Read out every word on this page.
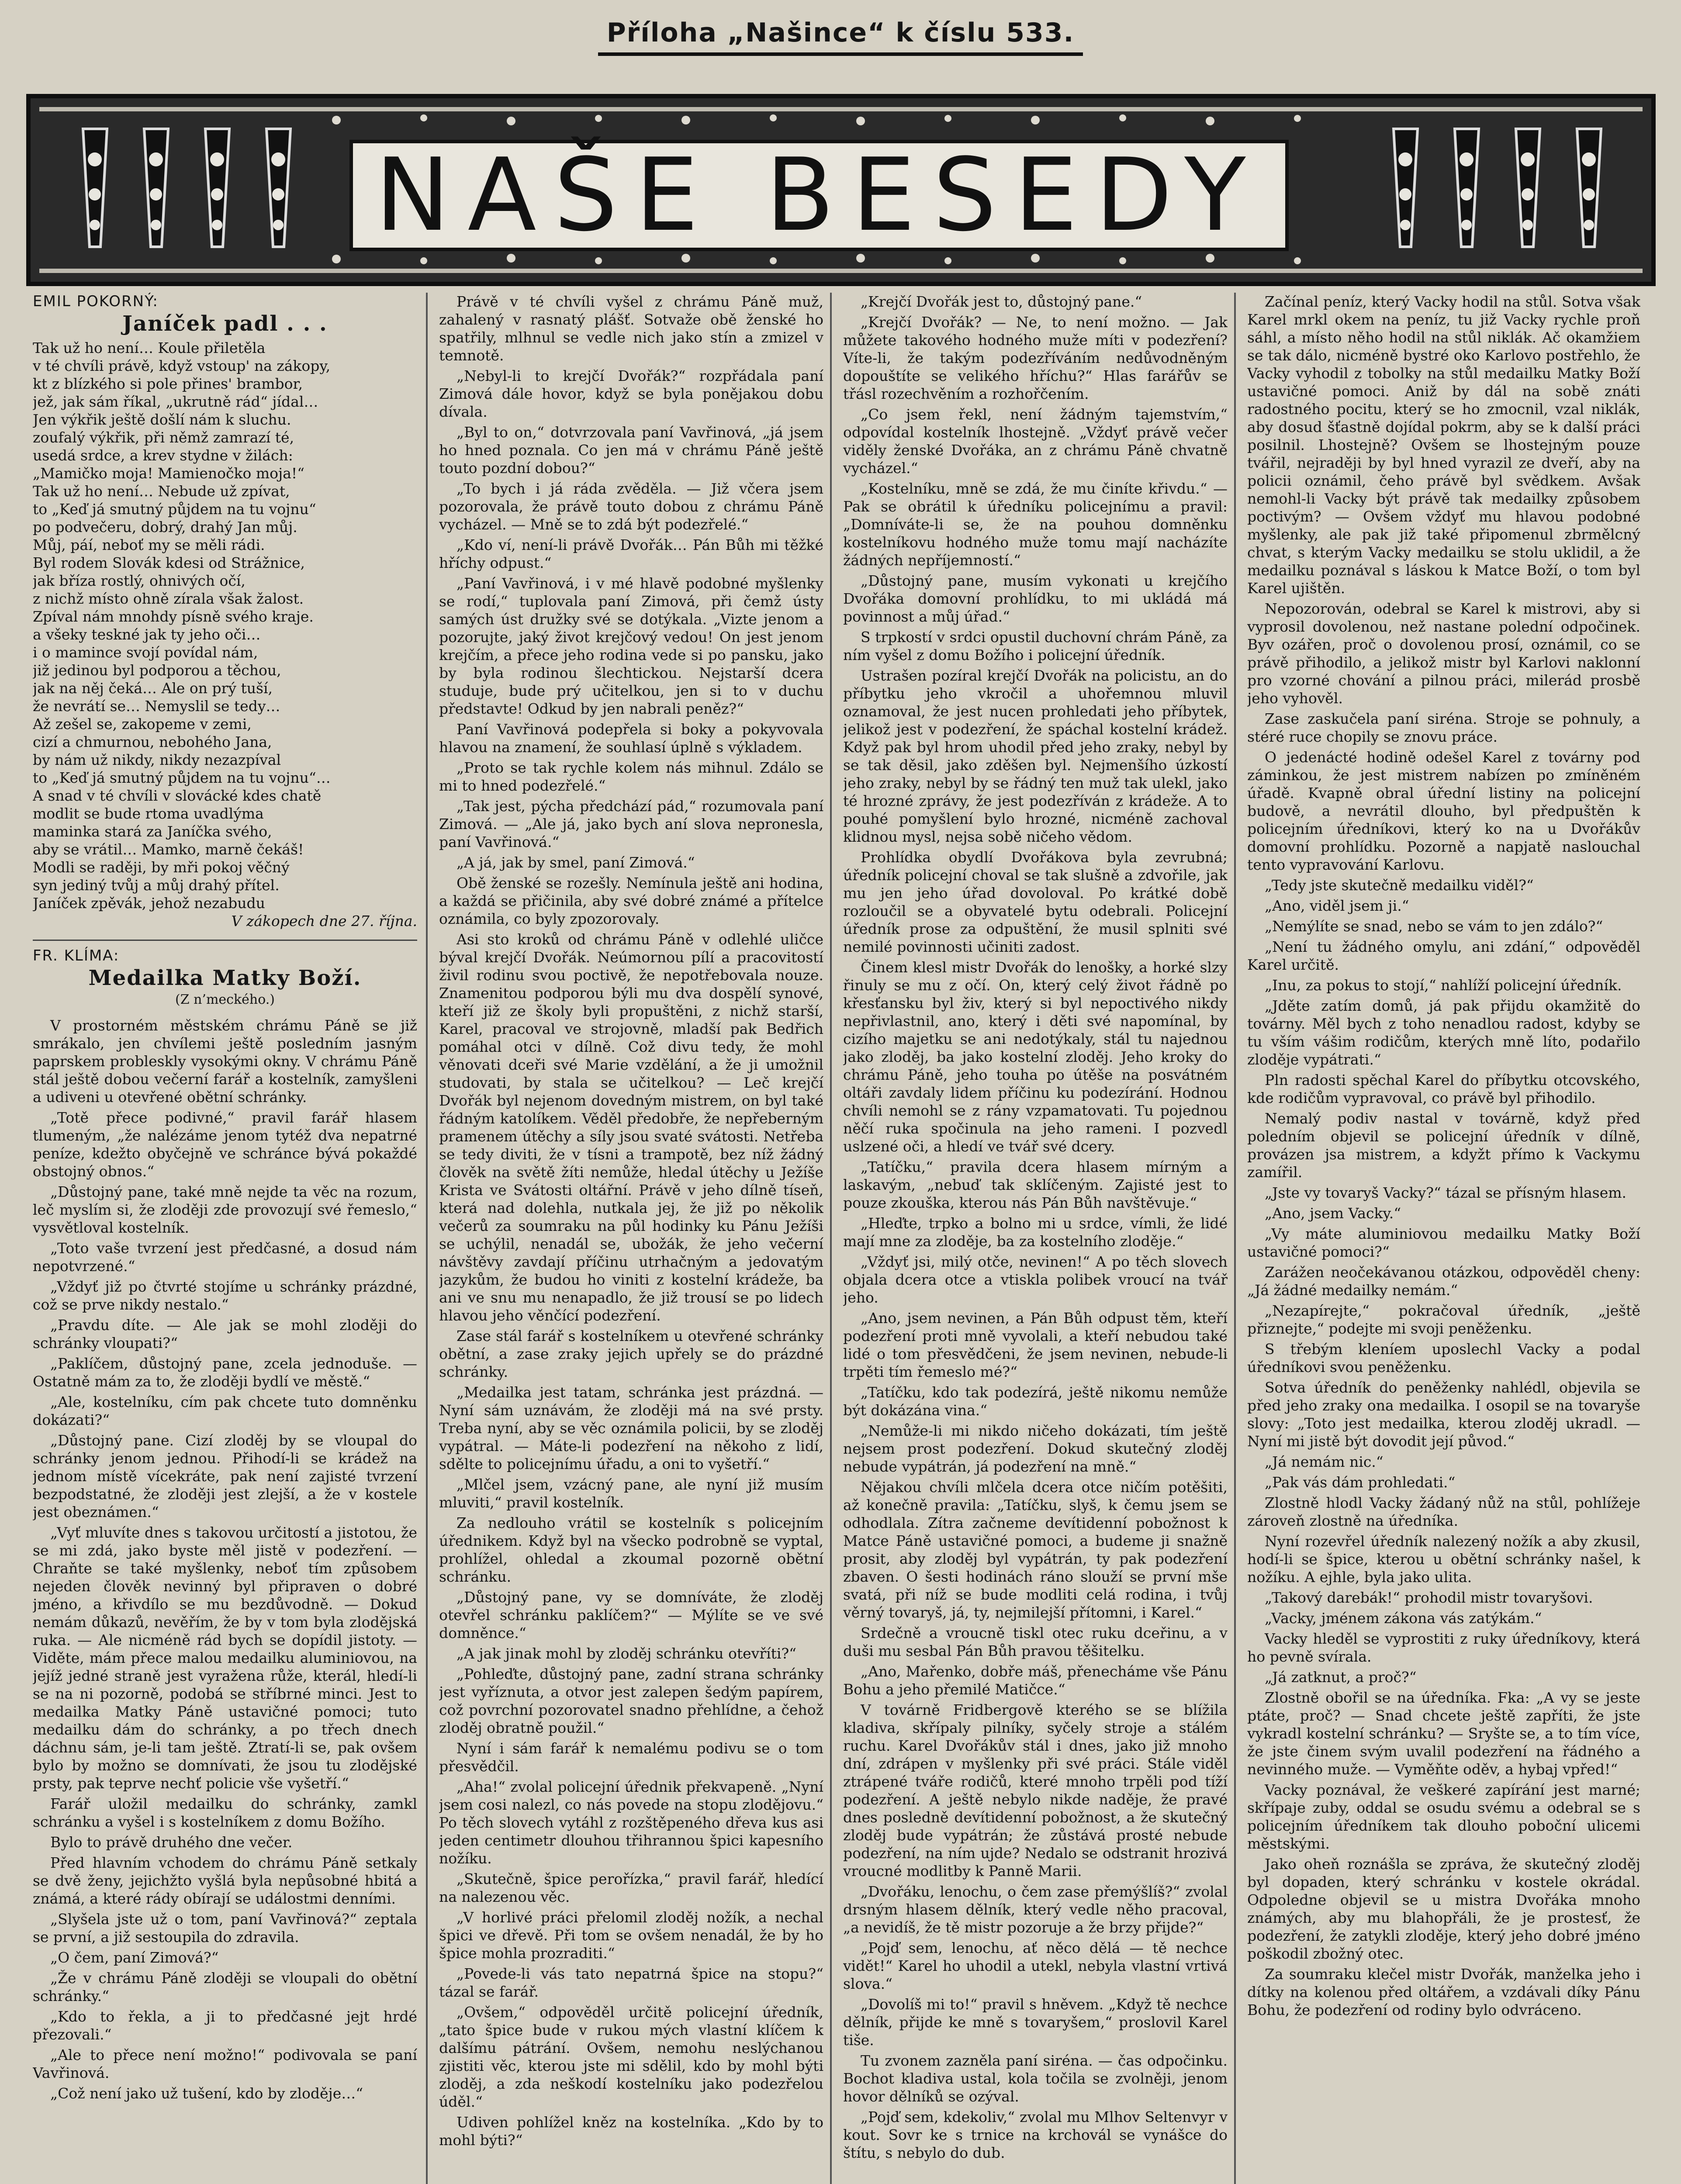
Příloha „Našince“ k číslu 533.
NAŠE BESEDY

EMIL POKORNÝ:

Janíček padl . . .
Tak už ho není… Koule přiletěla
v té chvíli právě, když vstoup' na zákopy,
kt z blízkého si pole přines' brambor,
jež, jak sám říkal, „ukrutně rád“ jídal…
Jen výkřik ještě došlí nám k sluchu.
zoufalý výkřik, při němž zamrazí té,
usedá srdce, a krev stydne v žilách:
„Mamičko moja! Mamienočko moja!“
Tak už ho není… Nebude už zpívat,
to „Keď já smutný půjdem na tu vojnu“
po podvečeru, dobrý, drahý Jan můj.
Můj, páí, neboť my se měli rádi.
Byl rodem Slovák kdesi od Strážnice,
jak bříza rostlý, ohnivých očí,
z nichž místo ohně zírala však žalost.
Zpíval nám mnohdy písně svého kraje.
a všeky teskné jak ty jeho oči…
i o mamince svojí povídal nám,
již jedinou byl podporou a těchou,
jak na něj čeká… Ale on prý tuší,
že nevrátí se… Nemyslil se tedy…
Až zešel se, zakopeme v zemi,
cizí a chmurnou, nebohého Jana,
by nám už nikdy, nikdy nezazpíval
to „Keď já smutný půjdem na tu vojnu“…
A snad v té chvíli v slovácké kdes chatě
modlit se bude rtoma uvadlýma
maminka stará za Janíčka svého,
aby se vrátil… Mamko, marně čekáš!
Modli se raději, by mři pokoj věčný
syn jediný tvůj a můj drahý přítel.
Janíček zpěvák, jehož nezabudu

V zákopech dne 27. října.

FR. KLÍMA:

Medailka Matky Boží.
(Z n’meckého.)

V prostorném městském chrámu Páně se již smrákalo, jen chvílemi ještě posledním jasným paprskem probleskly vysokými okny. V chrámu Páně stál ještě dobou večerní farář a kostelník, zamyšleni a udiveni u otevřené obětní schránky.

„Totě přece podivné,“ pravil farář hlasem tlumeným, „že nalézáme jenom tytéž dva nepatrné peníze, kdežto obyčejně ve schránce bývá pokaždé obstojný obnos.“

„Důstojný pane, také mně nejde ta věc na rozum, leč myslím si, že zloději zde provozují své řemeslo,“ vysvětloval kostelník.

„Toto vaše tvrzení jest předčasné, a dosud nám nepotvrzené.“

„Vždyť již po čtvrté stojíme u schránky prázdné, což se prve nikdy nestalo.“

„Pravdu díte. — Ale jak se mohl zloději do schránky vloupati?“

„Paklíčem, důstojný pane, zcela jednoduše. — Ostatně mám za to, že zloději bydlí ve městě.“

„Ale, kostelníku, cím pak chcete tuto domněnku dokázati?“

„Důstojný pane. Cizí zloděj by se vloupal do schránky jenom jednou. Přihodí-li se krádež na jednom místě vícekráte, pak není zajisté tvrzení bezpodstatné, že zloději jest zlejší, a že v kostele jest obeznámen.“

„Vyť mluvíte dnes s takovou určitostí a jistotou, že se mi zdá, jako byste měl jistě v podezření. — Chraňte se také myšlenky, neboť tím způsobem nejeden člověk nevinný byl připraven o dobré jméno, a křivdílo se mu bezdůvodně. — Dokud nemám důkazů, nevěřím, že by v tom byla zlodějská ruka. — Ale nicméně rád bych se dopídil jistoty. — Viděte, mám přece malou medailku aluminiovou, na jejíž jedné straně jest vyražena růže, kterál, hledí-li se na ni pozorně, podobá se stříbrné minci. Jest to medailka Matky Páně ustavičné pomoci; tuto medailku dám do schránky, a po třech dnech dáchnu sám, je-li tam ještě. Ztratí-li se, pak ovšem bylo by možno se domnívati, že jsou tu zlodějské prsty, pak teprve nechť policie vše vyšetří.“

Farář uložil medailku do schránky, zamkl schránku a vyšel i s kostelníkem z domu Božího.

Bylo to právě druhého dne večer.

Před hlavním vchodem do chrámu Páně setkaly se dvě ženy, jejichžto vyšlá byla nepůsobné hbitá a známá, a které rády obírají se událostmi denními.

„Slyšela jste už o tom, paní Vavřinová?“ zeptala se první, a již sestoupila do zdravila.

„O čem, paní Zimová?“

„Že v chrámu Páně zloději se vloupali do obětní schránky.“

„Kdo to řekla, a ji to předčasné jejt hrdé přezovali.“

„Ale to přece není možno!“ podivovala se paní Vavřinová.

„Což není jako už tušení, kdo by zloděje…“

Právě v té chvíli vyšel z chrámu Páně muž, zahalený v rasnatý plášť. Sotvaže obě ženské ho spatřily, mlhnul se vedle nich jako stín a zmizel v temnotě.

„Nebyl-li to krejčí Dvořák?“ rozpřádala paní Zimová dále hovor, když se byla ponějakou dobu dívala.

„Byl to on,“ dotvrzovala paní Vavřinová, „já jsem ho hned poznala. Co jen má v chrámu Páně ještě touto pozdní dobou?“

„To bych i já ráda zvěděla. — Již včera jsem pozorovala, že právě touto dobou z chrámu Páně vycházel. — Mně se to zdá být podezřelé.“

„Kdo ví, není-li právě Dvořák… Pán Bůh mi těžké hříchy odpust.“

„Paní Vavřinová, i v mé hlavě podobné myšlenky se rodí,“ tuplovala paní Zimová, při čemž ústy samých úst družky své se dotýkala. „Vizte jenom a pozorujte, jaký život krejčový vedou! On jest jenom krejčím, a přece jeho rodina vede si po pansku, jako by byla rodinou šlechtickou. Nejstarší dcera studuje, bude prý učitelkou, jen si to v duchu představte! Odkud by jen nabrali peněz?“

Paní Vavřinová podepřela si boky a pokyvovala hlavou na znamení, že souhlasí úplně s výkladem.

„Proto se tak rychle kolem nás mihnul. Zdálo se mi to hned podezřelé.“

„Tak jest, pýcha předchází pád,“ rozumovala paní Zimová. — „Ale já, jako bych aní slova nepronesla, paní Vavřinová.“

„A já, jak by smel, paní Zimová.“

Obě ženské se rozešly. Nemínula ještě ani hodina, a každá se přičinila, aby své dobré známé a přítelce oznámila, co byly zpozorovaly.

Asi sto kroků od chrámu Páně v odlehlé uličce býval krejčí Dvořák. Neúmornou pílí a pracovitostí živil rodinu svou poctivě, že nepotřebovala nouze. Znamenitou podporou býli mu dva dospělí synové, kteří již ze školy byli propuštěni, z nichž starší, Karel, pracoval ve strojovně, mladší pak Bedřich pomáhal otci v dílně. Což divu tedy, že mohl věnovati dceři své Marie vzdělání, a že ji umožnil studovati, by stala se učitelkou? — Leč krejčí Dvořák byl nejenom dovedným mistrem, on byl také řádným katolíkem. Věděl předobře, že nepřeberným pramenem útěchy a síly jsou svaté svátosti. Netřeba se tedy diviti, že v tísni a trampotě, bez níž žádný člověk na světě žíti nemůže, hledal útěchy u Ježíše Krista ve Svátosti oltářní. Právě v jeho dílně tíseň, která nad dolehla, nutkala jej, že již po několik večerů za soumraku na půl hodinky ku Pánu Ježíši se uchýlil, nenadál se, ubožák, že jeho večerní návštěvy zavdají příčinu utrhačným a jedovatým jazykům, že budou ho viniti z kostelní krádeže, ba ani ve snu mu nenapadlo, že již trousí se po lidech hlavou jeho věnčící podezření.

Zase stál farář s kostelníkem u otevřené schránky obětní, a zase zraky jejich upřely se do prázdné schránky.

„Medailka jest tatam, schránka jest prázdná. — Nyní sám uznávám, že zloději má na své prsty. Treba nyní, aby se věc oznámila policii, by se zloděj vypátral. — Máte-li podezření na někoho z lidí, sdělte to policejnímu úřadu, a oni to vyšetří.“

„Mlčel jsem, vzácný pane, ale nyní již musím mluviti,“ pravil kostelník.

Za nedlouho vrátil se kostelník s policejním úřednikem. Když byl na všecko podrobně se vyptal, prohlížel, ohledal a zkoumal pozorně obětní schránku.

„Důstojný pane, vy se domníváte, že zloděj otevřel schránku paklíčem?“ — Mýlíte se ve své domněnce.“

„A jak jinak mohl by zloděj schránku otevříti?“

„Pohleďte, důstojný pane, zadní strana schránky jest vyříznuta, a otvor jest zalepen šedým papírem, což povrchní pozorovatel snadno přehlídne, a čehož zloděj obratně použil.“

Nyní i sám farář k nemalému podivu se o tom přesvědčil.

„Aha!“ zvolal policejní úřednik překvapeně. „Nyní jsem cosi nalezl, co nás povede na stopu zlodějovu.“ Po těch slovech vytáhl z rozštěpeného dřeva kus asi jeden centimetr dlouhou třihrannou špici kapesního nožíku.

„Skutečně, špice perořízka,“ pravil farář, hledící na nalezenou věc.

„V horlivé práci přelomil zloděj nožík, a nechal špici ve dřevě. Při tom se ovšem nenadál, že by ho špice mohla prozraditi.“

„Povede-li vás tato nepatrná špice na stopu?“ tázal se farář.

„Ovšem,“ odpověděl určitě policejní úředník, „tato špice bude v rukou mých vlastní klíčem k dalšímu pátrání. Ovšem, nemohu neslýchanou zjistiti věc, kterou jste mi sdělil, kdo by mohl býti zloděj, a zda neškodí kostelníku jako podezřelou úděl.“

Udiven pohlížel kněz na kostelníka. „Kdo by to mohl býti?“

„Krejčí Dvořák jest to, důstojný pane.“

„Krejčí Dvořák? — Ne, to není možno. — Jak můžete takového hodného muže míti v podezření? Víte-li, že takým podezříváním nedůvodněným dopouštíte se velikého hříchu?“ Hlas farářův se třásl rozechvěním a rozhořčením.

„Co jsem řekl, není žádným tajemstvím,“ odpovídal kostelník lhostejně. „Vždyť právě večer viděly ženské Dvořáka, an z chrámu Páně chvatně vycházel.“

„Kostelníku, mně se zdá, že mu činíte křivdu.“ — Pak se obrátil k úředníku policejnímu a pravil: „Domníváte-li se, že na pouhou domněnku kostelníkovu hodného muže tomu mají nacházíte žádných nepříjemností.“

„Důstojný pane, musím vykonati u krejčího Dvořáka domovní prohlídku, to mi ukládá má povinnost a můj úřad.“

S trpkostí v srdci opustil duchovní chrám Páně, za ním vyšel z domu Božího i policejní úředník.

Ustrašen pozíral krejčí Dvořák na policistu, an do příbytku jeho vkročil a uhořemnou mluvil oznamoval, že jest nucen prohledati jeho příbytek, jelikož jest v podezření, že spáchal kostelní krádež. Když pak byl hrom uhodil před jeho zraky, nebyl by se tak děsil, jako zděšen byl. Nejmenšího úzkostí jeho zraky, nebyl by se řádný ten muž tak ulekl, jako té hrozné zprávy, že jest podezříván z krádeže. A to pouhé pomyšlení bylo hrozné, nicméně zachoval klidnou mysl, nejsa sobě ničeho vědom.

Prohlídka obydlí Dvořákova byla zevrubná; úředník policejní choval se tak slušně a zdvořile, jak mu jen jeho úřad dovoloval. Po krátké době rozloučil se a obyvatelé bytu odebrali. Policejní úředník prose za odpuštění, že musil splniti své nemilé povinnosti učiniti zadost.

Činem klesl mistr Dvořák do lenošky, a horké slzy řinuly se mu z očí. On, který celý život řádně po křesťansku byl živ, který si byl nepoctivého nikdy nepřivlastnil, ano, který i děti své napomínal, by cizího majetku se ani nedotýkaly, stál tu najednou jako zloděj, ba jako kostelní zloděj. Jeho kroky do chrámu Páně, jeho touha po útěše na posvátném oltáři zavdaly lidem příčinu ku podezírání. Hodnou chvíli nemohl se z rány vzpamatovati. Tu pojednou něčí ruka spočinula na jeho rameni. I pozvedl uslzené oči, a hledí ve tvář své dcery.

„Tatíčku,“ pravila dcera hlasem mírným a laskavým, „nebuď tak sklíčeným. Zajisté jest to pouze zkouška, kterou nás Pán Bůh navštěvuje.“

„Hleďte, trpko a bolno mi u srdce, vímli, že lidé mají mne za zloděje, ba za kostelního zloděje.“

„Vždyť jsi, milý otče, nevinen!“ A po těch slovech objala dcera otce a vtiskla polibek vroucí na tvář jeho.

„Ano, jsem nevinen, a Pán Bůh odpust těm, kteří podezření proti mně vyvolali, a kteří nebudou také lidé o tom přesvědčeni, že jsem nevinen, nebude-li trpěti tím řemeslo mé?“

„Tatíčku, kdo tak podezírá, ještě nikomu nemůže být dokázána vina.“

„Nemůže-li mi nikdo ničeho dokázati, tím ještě nejsem prost podezření. Dokud skutečný zloděj nebude vypátrán, já podezření na mně.“

Nějakou chvíli mlčela dcera otce ničím potěšiti, až konečně pravila: „Tatíčku, slyš, k čemu jsem se odhodlala. Zítra začneme devítidenní pobožnost k Matce Páně ustavičné pomoci, a budeme ji snažně prosit, aby zloděj byl vypátrán, ty pak podezření zbaven. O šesti hodinách ráno slouží se první mše svatá, při níž se bude modliti celá rodina, i tvůj věrný tovaryš, já, ty, nejmilejší přítomni, i Karel.“

Srdečně a vroucně tiskl otec ruku dceřinu, a v duši mu sesbal Pán Bůh pravou těšitelku.

„Ano, Mařenko, dobře máš, přenecháme vše Pánu Bohu a jeho přemilé Matičce.“

V továrně Fridbergově kterého se se blížila kladiva, skřípaly pilníky, syčely stroje a stálém ruchu. Karel Dvořákův stál i dnes, jako již mnoho dní, zdrápen v myšlenky při své práci. Stále viděl ztrápené tváře rodičů, které mnoho trpěli pod tíží podezření. A ještě nebylo nikde naděje, že pravé dnes posledně devítidenní pobožnost, a že skutečný zloděj bude vypátrán; že zůstává prosté nebude podezření, na ním ujde? Nedalo se odstranit hrozivá vroucné modlitby k Panně Marii.

„Dvořáku, lenochu, o čem zase přemýšlíš?“ zvolal drsným hlasem dělník, který vedle něho pracoval, „a nevidíš, že tě mistr pozoruje a že brzy přijde?“

„Pojď sem, lenochu, ať něco dělá — tě nechce vidět!“ Karel ho uhodil a utekl, nebyla vlastní vrtivá slova.“

„Dovolíš mi to!“ pravil s hněvem. „Když tě nechce dělník, přijde ke mně s tovaryšem,“ proslovil Karel tiše.

Tu zvonem zazněla paní siréna. — čas odpočinku. Bochot kladiva ustal, kola točila se zvolněji, jenom hovor dělníků se ozýval.

„Pojď sem, kdekoliv,“ zvolal mu Mlhov Seltenvyr v kout. Sovr ke s trnice na krchovál se vynášce do štítu, s nebylo do dub.

Začínal peníz, který Vacky hodil na stůl. Sotva však Karel mrkl okem na peníz, tu již Vacky rychle proň sáhl, a místo něho hodil na stůl niklák. Ač okamžiem se tak dálo, nicméně bystré oko Karlovo postřehlo, že Vacky vyhodil z tobolky na stůl medailku Matky Boží ustavičné pomoci. Aniž by dál na sobě znáti radostného pocitu, který se ho zmocnil, vzal niklák, aby dosud šťastně dojídal pokrm, aby se k další práci posilnil. Lhostejně? Ovšem se lhostejným pouze tvářil, nejraději by byl hned vyrazil ze dveří, aby na policii oznámil, čeho právě byl svědkem. Avšak nemohl-li Vacky být právě tak medailky způsobem poctivým? — Ovšem vždyť mu hlavou podobné myšlenky, ale pak již také připomenul zbrmělcný chvat, s kterým Vacky medailku se stolu uklidil, a že medailku poznával s láskou k Matce Boží, o tom byl Karel ujištěn.

Nepozorován, odebral se Karel k mistrovi, aby si vyprosil dovolenou, než nastane polední odpočinek. Byv ozářen, proč o dovolenou prosí, oznámil, co se právě přihodilo, a jelikož mistr byl Karlovi naklonní pro vzorné chování a pilnou práci, milerád prosbě jeho vyhověl.

Zase zaskučela paní siréna. Stroje se pohnuly, a stéré ruce chopily se znovu práce.

O jedenácté hodině odešel Karel z továrny pod záminkou, že jest mistrem nabízen po zmíněném úřadě. Kvapně obral úřední listiny na policejní budově, a nevrátil dlouho, byl předpuštěn k policejním úředníkovi, který ko na u Dvořákův domovní prohlídku. Pozorně a napjatě naslouchal tento vypravování Karlovu.

„Tedy jste skutečně medailku viděl?“

„Ano, viděl jsem ji.“

„Nemýlíte se snad, nebo se vám to jen zdálo?“

„Není tu žádného omylu, ani zdání,“ odpověděl Karel určitě.

„Inu, za pokus to stojí,“ nahlíží policejní úředník.

„Jděte zatím domů, já pak přijdu okamžitě do továrny. Měl bych z toho nenadlou radost, kdyby se tu vším vášim rodičům, kterých mně líto, podařilo zloděje vypátrati.“

Pln radosti spěchal Karel do příbytku otcovského, kde rodičům vypravoval, co právě byl přihodilo.

Nemalý podiv nastal v továrně, když před poledním objevil se policejní úředník v dílně, provázen jsa mistrem, a kdyžt přímo k Vackymu zamířil.

„Jste vy tovaryš Vacky?“ tázal se přísným hlasem.

„Ano, jsem Vacky.“

„Vy máte aluminiovou medailku Matky Boží ustavičné pomoci?“

Zarážen neočekávanou otázkou, odpověděl cheny: „Já žádné medailky nemám.“

„Nezapírejte,“ pokračoval úředník, „ještě přiznejte,“ podejte mi svoji peněženku.

S třebým kleníem uposlechl Vacky a podal úředníkovi svou peněženku.

Sotva úředník do peněženky nahlédl, objevila se před jeho zraky ona medailka. I osopil se na tovaryše slovy: „Toto jest medailka, kterou zloděj ukradl. — Nyní mi jistě být dovodit její původ.“

„Já nemám nic.“

„Pak vás dám prohledati.“

Zlostně hlodl Vacky žádaný nůž na stůl, pohlížeje zároveň zlostně na úředníka.

Nyní rozevřel úředník nalezený nožík a aby zkusil, hodí-li se špice, kterou u obětní schránky našel, k nožíku. A ejhle, byla jako ulita.

„Takový darebák!“ prohodil mistr tovaryšovi.

„Vacky, jménem zákona vás zatýkám.“

Vacky hleděl se vyprostiti z ruky úředníkovy, která ho pevně svírala.

„Já zatknut, a proč?“

Zlostně obořil se na úředníka. Fka: „A vy se jeste ptáte, proč? — Snad chcete ještě zapříti, že jste vykradl kostelní schránku? — Sryšte se, a to tím více, že jste činem svým uvalil podezření na řádného a nevinného muže. — Vyměňte oděv, a hybaj vpřed!“

Vacky poznával, že veškeré zapírání jest marné; skřípaje zuby, oddal se osudu svému a odebral se s policejním úředníkem tak dlouho poboční ulicemi městskými.

Jako oheň roznášla se zpráva, že skutečný zloděj byl dopaden, který schránku v kostele okrádal. Odpoledne objevil se u mistra Dvořáka mnoho známých, aby mu blahopřáli, že je prostesť, že podezření, že zatykli zloděje, který jeho dobré jméno poškodil zbožný otec.

Za soumraku klečel mistr Dvořák, manželka jeho i dítky na kolenou před oltářem, a vzdávali díky Pánu Bohu, že podezření od rodiny bylo odvráceno.
